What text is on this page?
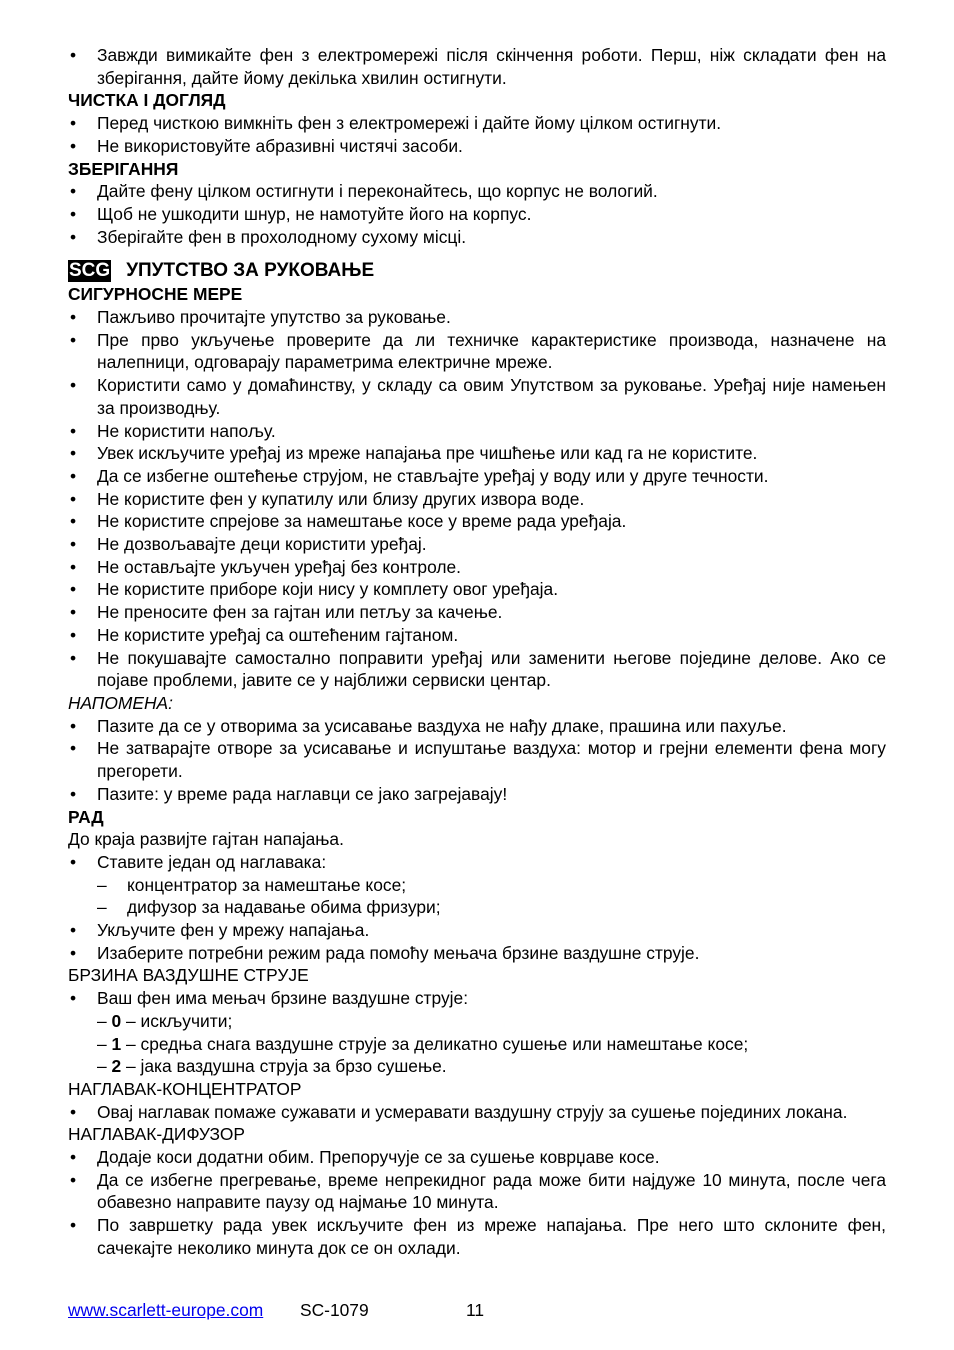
• Завжди вимикайте фен з електромережі після скінчення роботи. Перш, ніж складати фен на зберігання, дайте йому декілька хвилин остигнути.
ЧИСТКА І ДОГЛЯД
• Перед чисткою вимкніть фен з електромережі і дайте йому цілком остигнути.
• Не використовуйте абразивні чистячі засоби.
ЗБЕРІГАННЯ
• Дайте фену цілком остигнути і переконайтесь, що корпус не вологий.
• Щоб не ушкодити шнур, не намотуйте його на корпус.
• Зберігайте фен в прохолодному сухому місці.
SCG УПУТСТВО ЗА РУКОВАЊЕ
СИГУРНОСНЕ МЕРЕ
• Пажљиво прочитајте упутство за руковање.
• Пре прво укључење проверите да ли техничке карактеристике производа, назначене на налепници, одговарају параметрима електричне мреже.
• Користити само у домаћинству, у складу са овим Упутством за руковање. Уређај није намењен за производњу.
• Не користити напољу.
• Увек искључите уређај из мреже напајања пре чишћење или кад га не користите.
• Да се избегне оштећење струјом, не стављајте уређај у воду или у друге течности.
• Не користите фен у купатилу или близу других извора воде.
• Не користите спрејове за намештање косе у време рада уређаја.
• Не дозвољавајте деци користити уређај.
• Не остављајте укључен уређај без контроле.
• Не користите приборе који нису у комплету овог уређаја.
• Не преносите фен за гајтан или петљу за качење.
• Не користите уређај са оштећеним гајтаном.
• Не покушавајте самостално поправити уређај или заменити његове поједине делове. Ако се појаве проблеми, јавите се у најближи сервиски центар.
НАПОМЕНА:
• Пазите да се у отворима за усисавање ваздуха не нађу длаке, прашина или пахуље.
• Не затварајте отворе за усисавање и испуштање ваздуха: мотор и грејни елементи фена могу прегорети.
• Пазите: у време рада наглавци се јако загрејавају!
РАД
До краја развијте гајтан напајања.
• Ставите један од наглавака:
– концентратор за намештање косе;
– дифузор за надавање обима фризури;
• Укључите фен у мрежу напајања.
• Изаберите потребни режим рада помоћу мењача брзине ваздушне струје.
БРЗИНА ВАЗДУШНЕ СТРУЈЕ
• Ваш фен има мењач брзине ваздушне струје:
– 0 – искључити;
– 1 – средња снага ваздушне струје за деликатно сушење или намештање косе;
– 2 – јака ваздушна струја за брзо сушење.
НАГЛАВАК-КОНЦЕНТРАТОР
• Овај наглавак помаже сужавати и усмеравати ваздушну струју за сушење појединих локана.
НАГЛАВАК-ДИФУЗОР
• Додаје коси додатни обим. Препоручује се за сушење коврџаве косе.
• Да се избегне прегревање, време непрекидног рада може бити најдуже 10 минута, после чега обавезно направите паузу од најмање 10 минута.
• По завршетку рада увек искључите фен из мреже напајања. Пре него што склоните фен, сачекајте неколико минута док се он охлади.
www.scarlett-europe.com SC-1079	11
